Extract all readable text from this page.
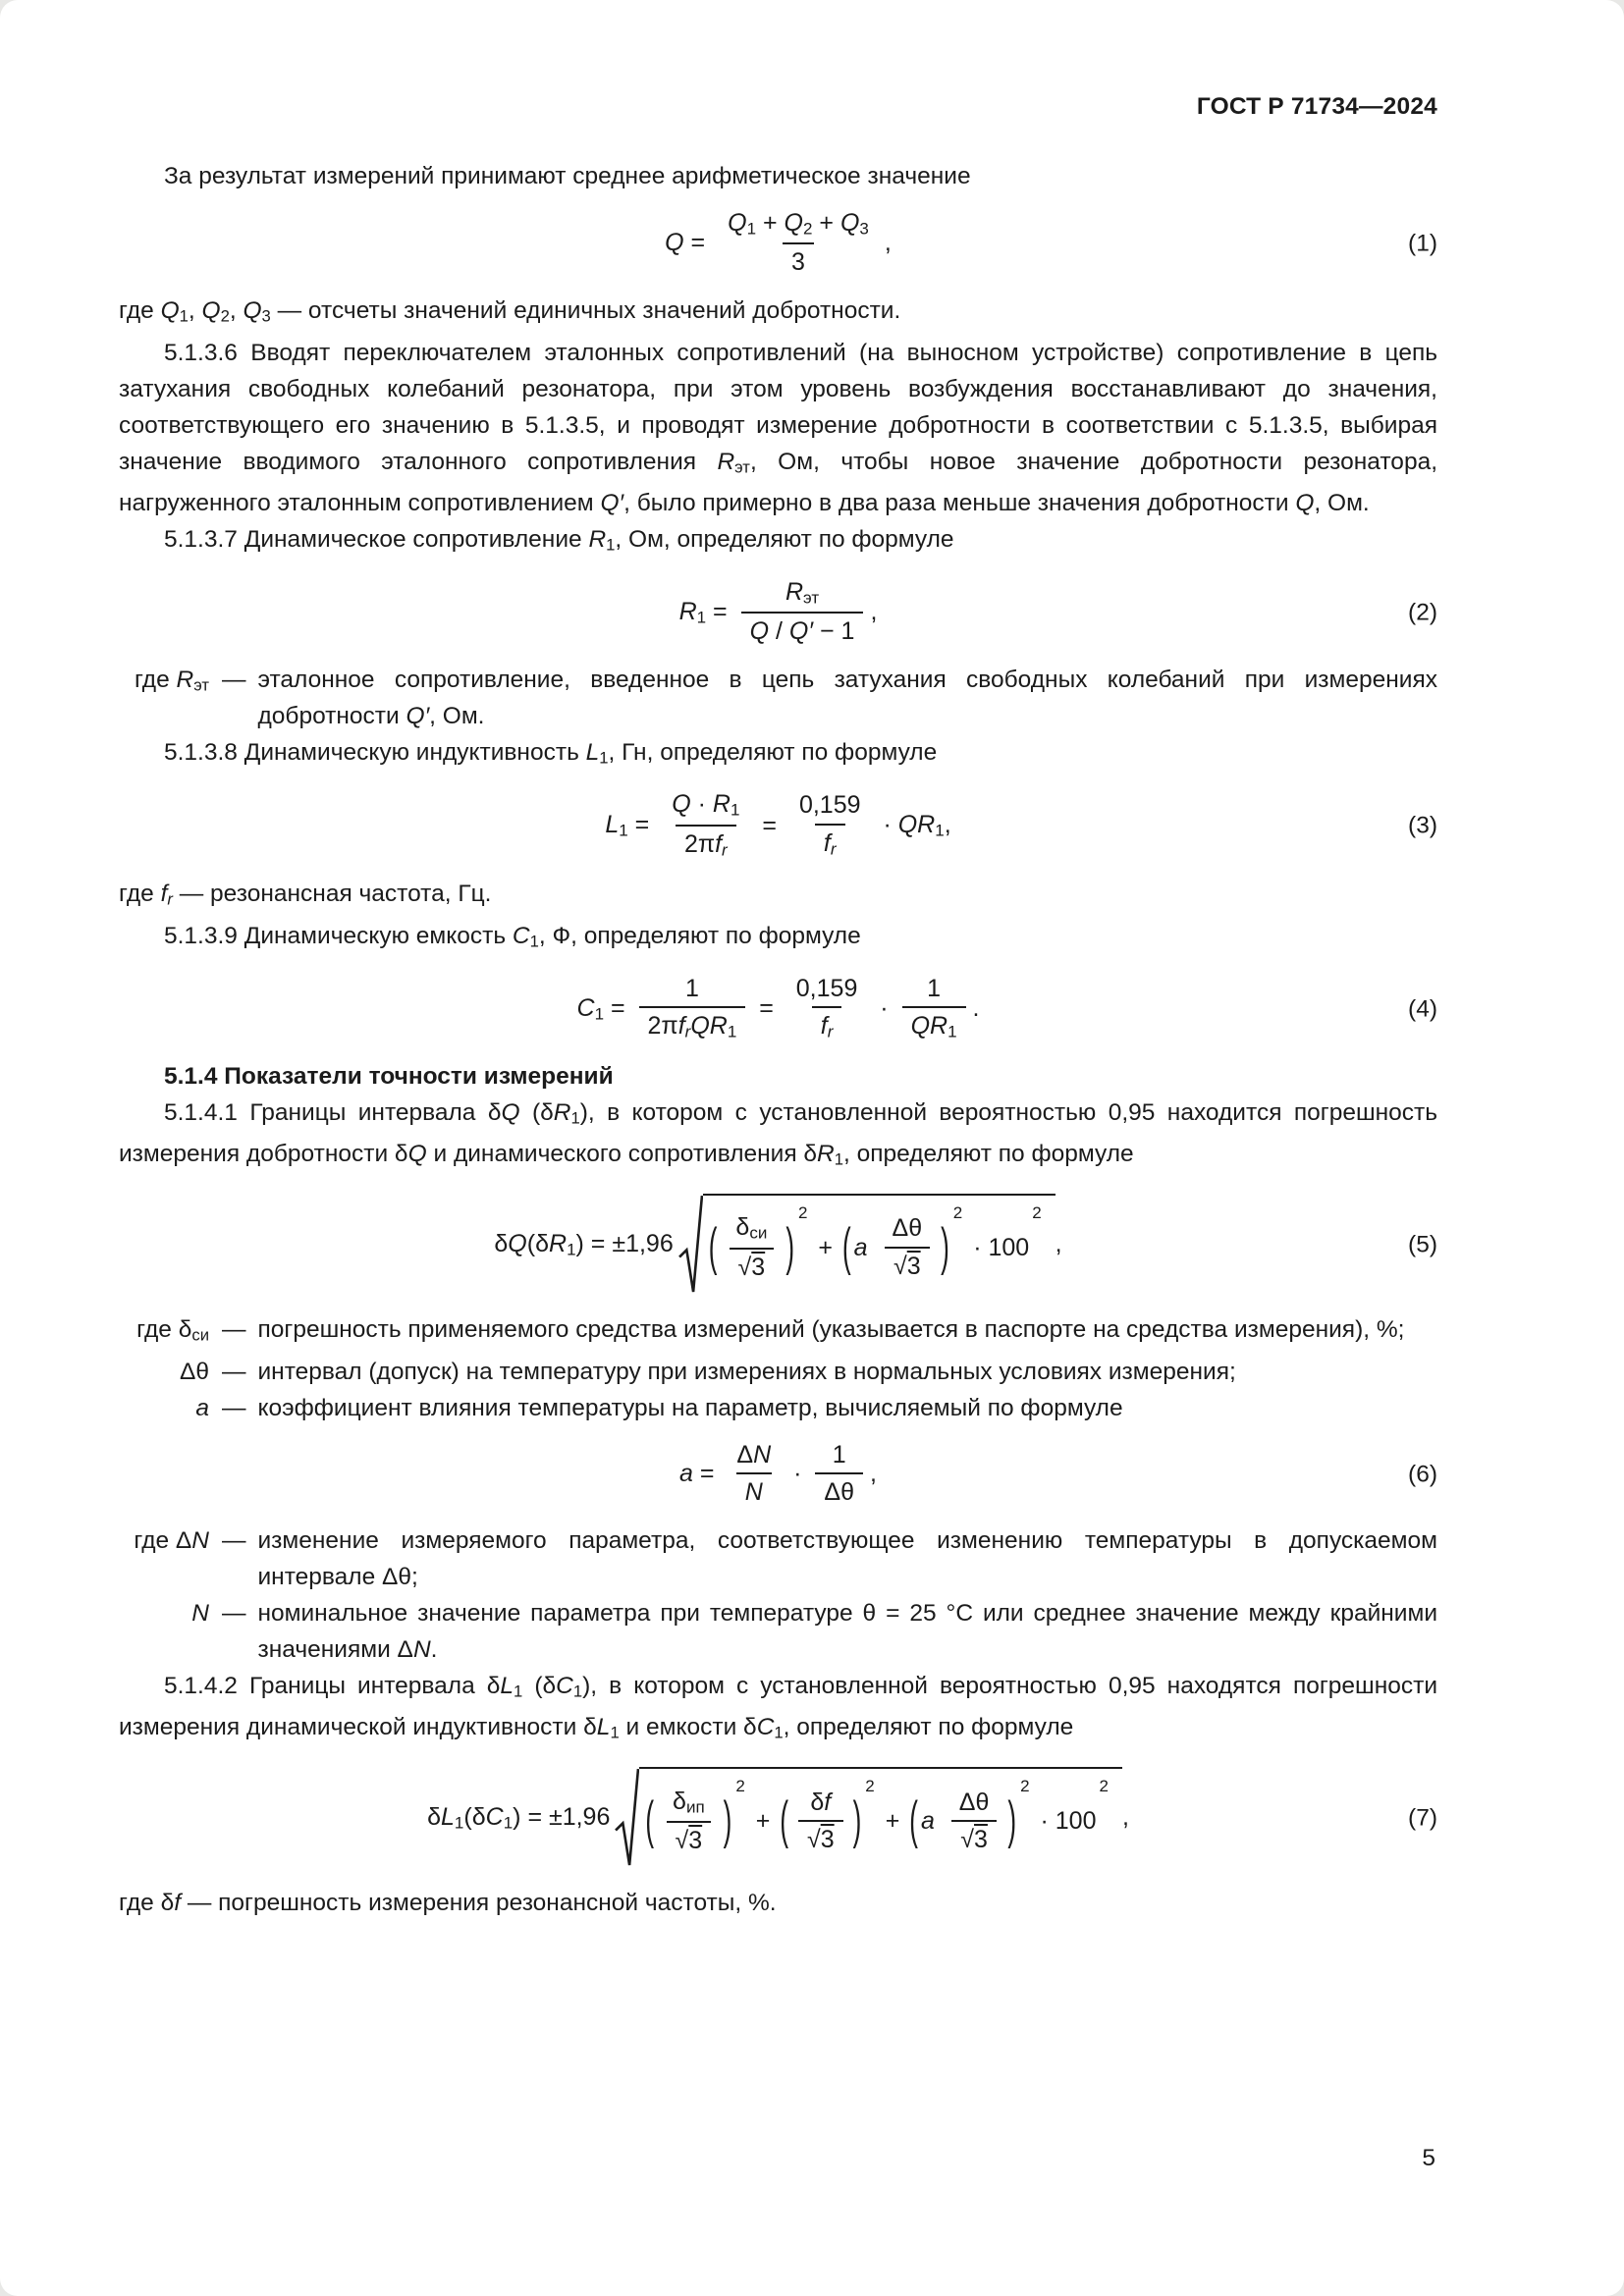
ГОСТ Р 71734—2024

За результат измерений принимают среднее арифметическое значение

$Q = \frac{Q1 + Q2 + Q3}{3}$ ,	(1)

где Q1, Q2, Q3 — отсчеты значений единичных значений добротности.

5.1.3.6 Вводят переключателем эталонных сопротивлений (на выносном устройстве) сопротивление в цепь затухания свободных колебаний резонатора, при этом уровень возбуждения восстанавливают до значения, соответствующего его значению в 5.1.3.5, и проводят измерение добротности в соответствии с 5.1.3.5, выбирая значение вводимого эталонного сопротивления Rэт, Ом, чтобы новое значение добротности резонатора, нагруженного эталонным сопротивлением Q′, было примерно в два раза меньше значения добротности Q, Ом.

5.1.3.7 Динамическое сопротивление R1, Ом, определяют по формуле

$R1 = \frac{\text{Rэт}}{Q / Q' - 1}$ ,	(2)
где Rэт — эталонное сопротивление, введенное в цепь затухания свободных колебаний при измерениях добротности Q′, Ом.

5.1.3.8 Динамическую индуктивность L1, Гн, определяют по формуле

$L1 = \frac{Q \cdot R1}{\text{2πfr}} = \frac{0,159}{fr} \cdot QR1$,	(3)

где fr — резонансная частота, Гц.

5.1.3.9 Динамическую емкость C1, Ф, определяют по формуле

$C1 = \frac{1}{\text{2πfrQR1}} = \frac{0,159}{fr} \cdot \frac{1}{QR1}$ .	(4)

5.1.4 Показатели точности измерений

5.1.4.1 Границы интервала δQ (δR1), в котором с установленной вероятностью 0,95 находится погрешность измерения добротности δQ и динамического сопротивления δR1, определяют по формуле

δQ(δR1) = ±1,96 ( $\frac{\text{δси}}{√3}$ )
2
+ ( a $\frac{\Delta\theta}{√3}$ )
2
· 100
2
,	(5)
где δси — погрешность применяемого средства измерений (указывается в паспорте на средства измерения), %;
Δθ — интервал (допуск) на температуру при измерениях в нормальных условиях измерения;
a — коэффициент влияния температуры на параметр, вычисляемый по формуле
$a = \frac{\Delta N}{N} \cdot \frac{1}{\Delta\theta}$ ,	(6)
где ΔN — изменение измеряемого параметра, соответствующее изменению температуры в допускаемом интервале Δθ;
N — номинальное значение параметра при температуре θ = 25 °C или среднее значение между крайними значениями ΔN.

5.1.4.2 Границы интервала δL1 (δC1), в котором с установленной вероятностью 0,95 находятся погрешности измерения динамической индуктивности δL1 и емкости δC1, определяют по формуле

δL1(δC1) = ±1,96 ( $\frac{\text{δип}}{√3}$ )
2
+ ( $\frac{\delta f}{√3}$ )
2
+ ( a $\frac{\Delta\theta}{√3}$ )
2
· 100
2
,	(7)

где δf — погрешность измерения резонансной частоты, %.

5
